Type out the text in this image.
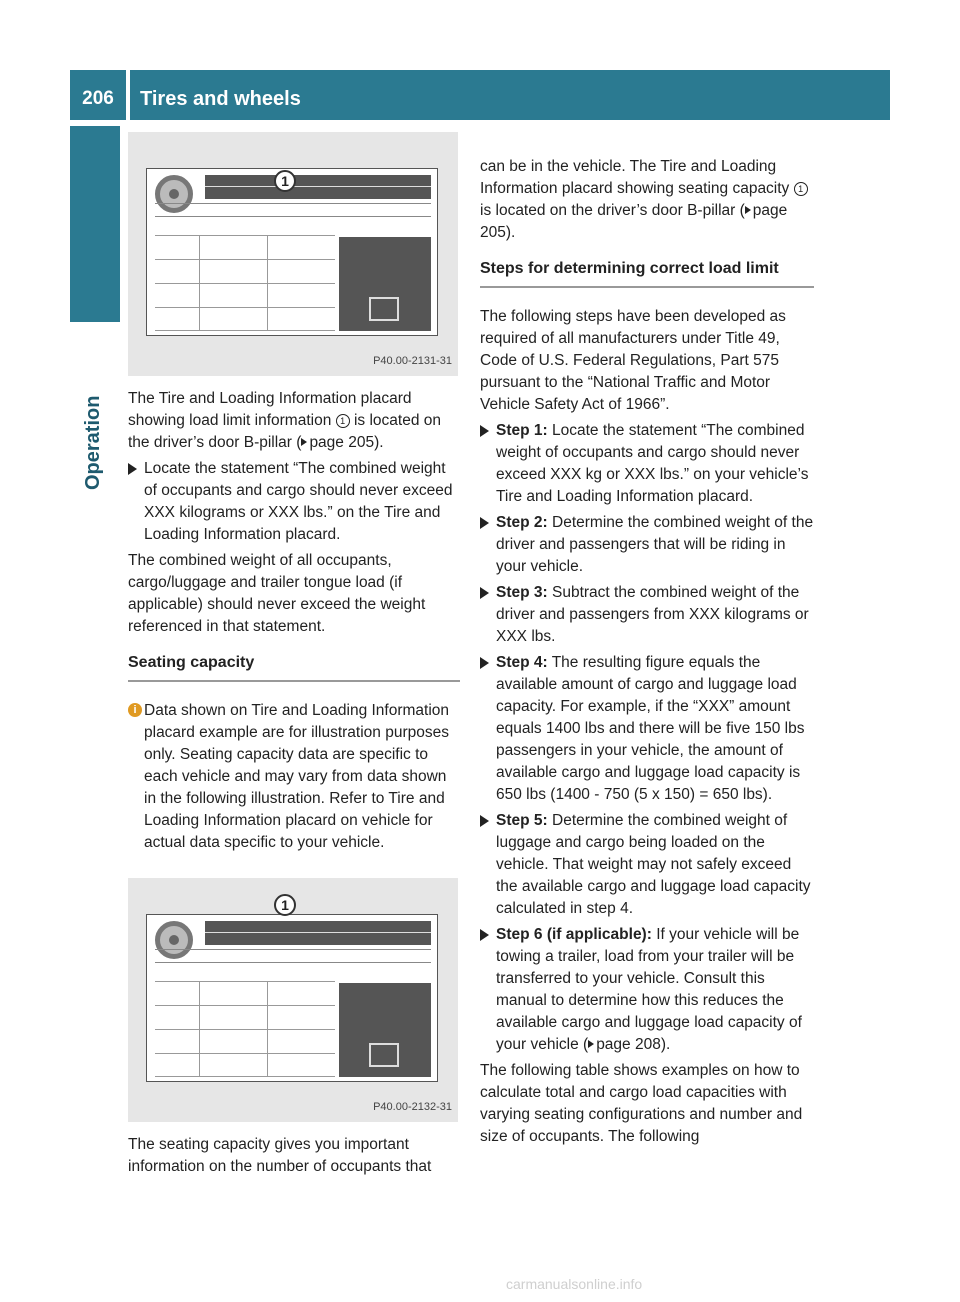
206	Tires and wheels
Operation
1
P40.00-2131-31

The Tire and Loading Information placard showing load limit information 1 is located on the driver’s door B-pillar ( page 205).

Locate the statement “The combined weight of occupants and cargo should never exceed XXX kilograms or XXX lbs.” on the Tire and Loading Information placard.

The combined weight of all occupants, cargo/luggage and trailer tongue load (if applicable) should never exceed the weight referenced in that statement.

Seating capacity
i Data shown on Tire and Loading Information placard example are for illustration purposes only. Seating capacity data are specific to each vehicle and may vary from data shown in the following illustration. Refer to Tire and Loading Information placard on vehicle for actual data specific to your vehicle.
1
P40.00-2132-31

The seating capacity gives you important information on the number of occupants that

can be in the vehicle. The Tire and Loading Information placard showing seating capacity 1 is located on the driver’s door B-pillar ( page 205).

Steps for determining correct load limit

The following steps have been developed as required of all manufacturers under Title 49, Code of U.S. Federal Regulations, Part 575 pursuant to the “National Traffic and Motor Vehicle Safety Act of 1966”.

Step 1: Locate the statement “The combined weight of occupants and cargo should never exceed XXX kg or XXX lbs.” on your vehicle’s Tire and Loading Information placard.
Step 2: Determine the combined weight of the driver and passengers that will be riding in your vehicle.
Step 3: Subtract the combined weight of the driver and passengers from XXX kilograms or XXX lbs.
Step 4: The resulting figure equals the available amount of cargo and luggage load capacity. For example, if the “XXX” amount equals 1400 lbs and there will be five 150 lbs passengers in your vehicle, the amount of available cargo and luggage load capacity is 650 lbs (1400 - 750 (5 x 150) = 650 lbs).
Step 5: Determine the combined weight of luggage and cargo being loaded on the vehicle. That weight may not safely exceed the available cargo and luggage load capacity calculated in step 4.
Step 6 (if applicable): If your vehicle will be towing a trailer, load from your trailer will be transferred to your vehicle. Consult this manual to determine how this reduces the available cargo and luggage load capacity of your vehicle ( page 208).

The following table shows examples on how to calculate total and cargo load capacities with varying seating configurations and number and size of occupants. The following

carmanualsonline.info
